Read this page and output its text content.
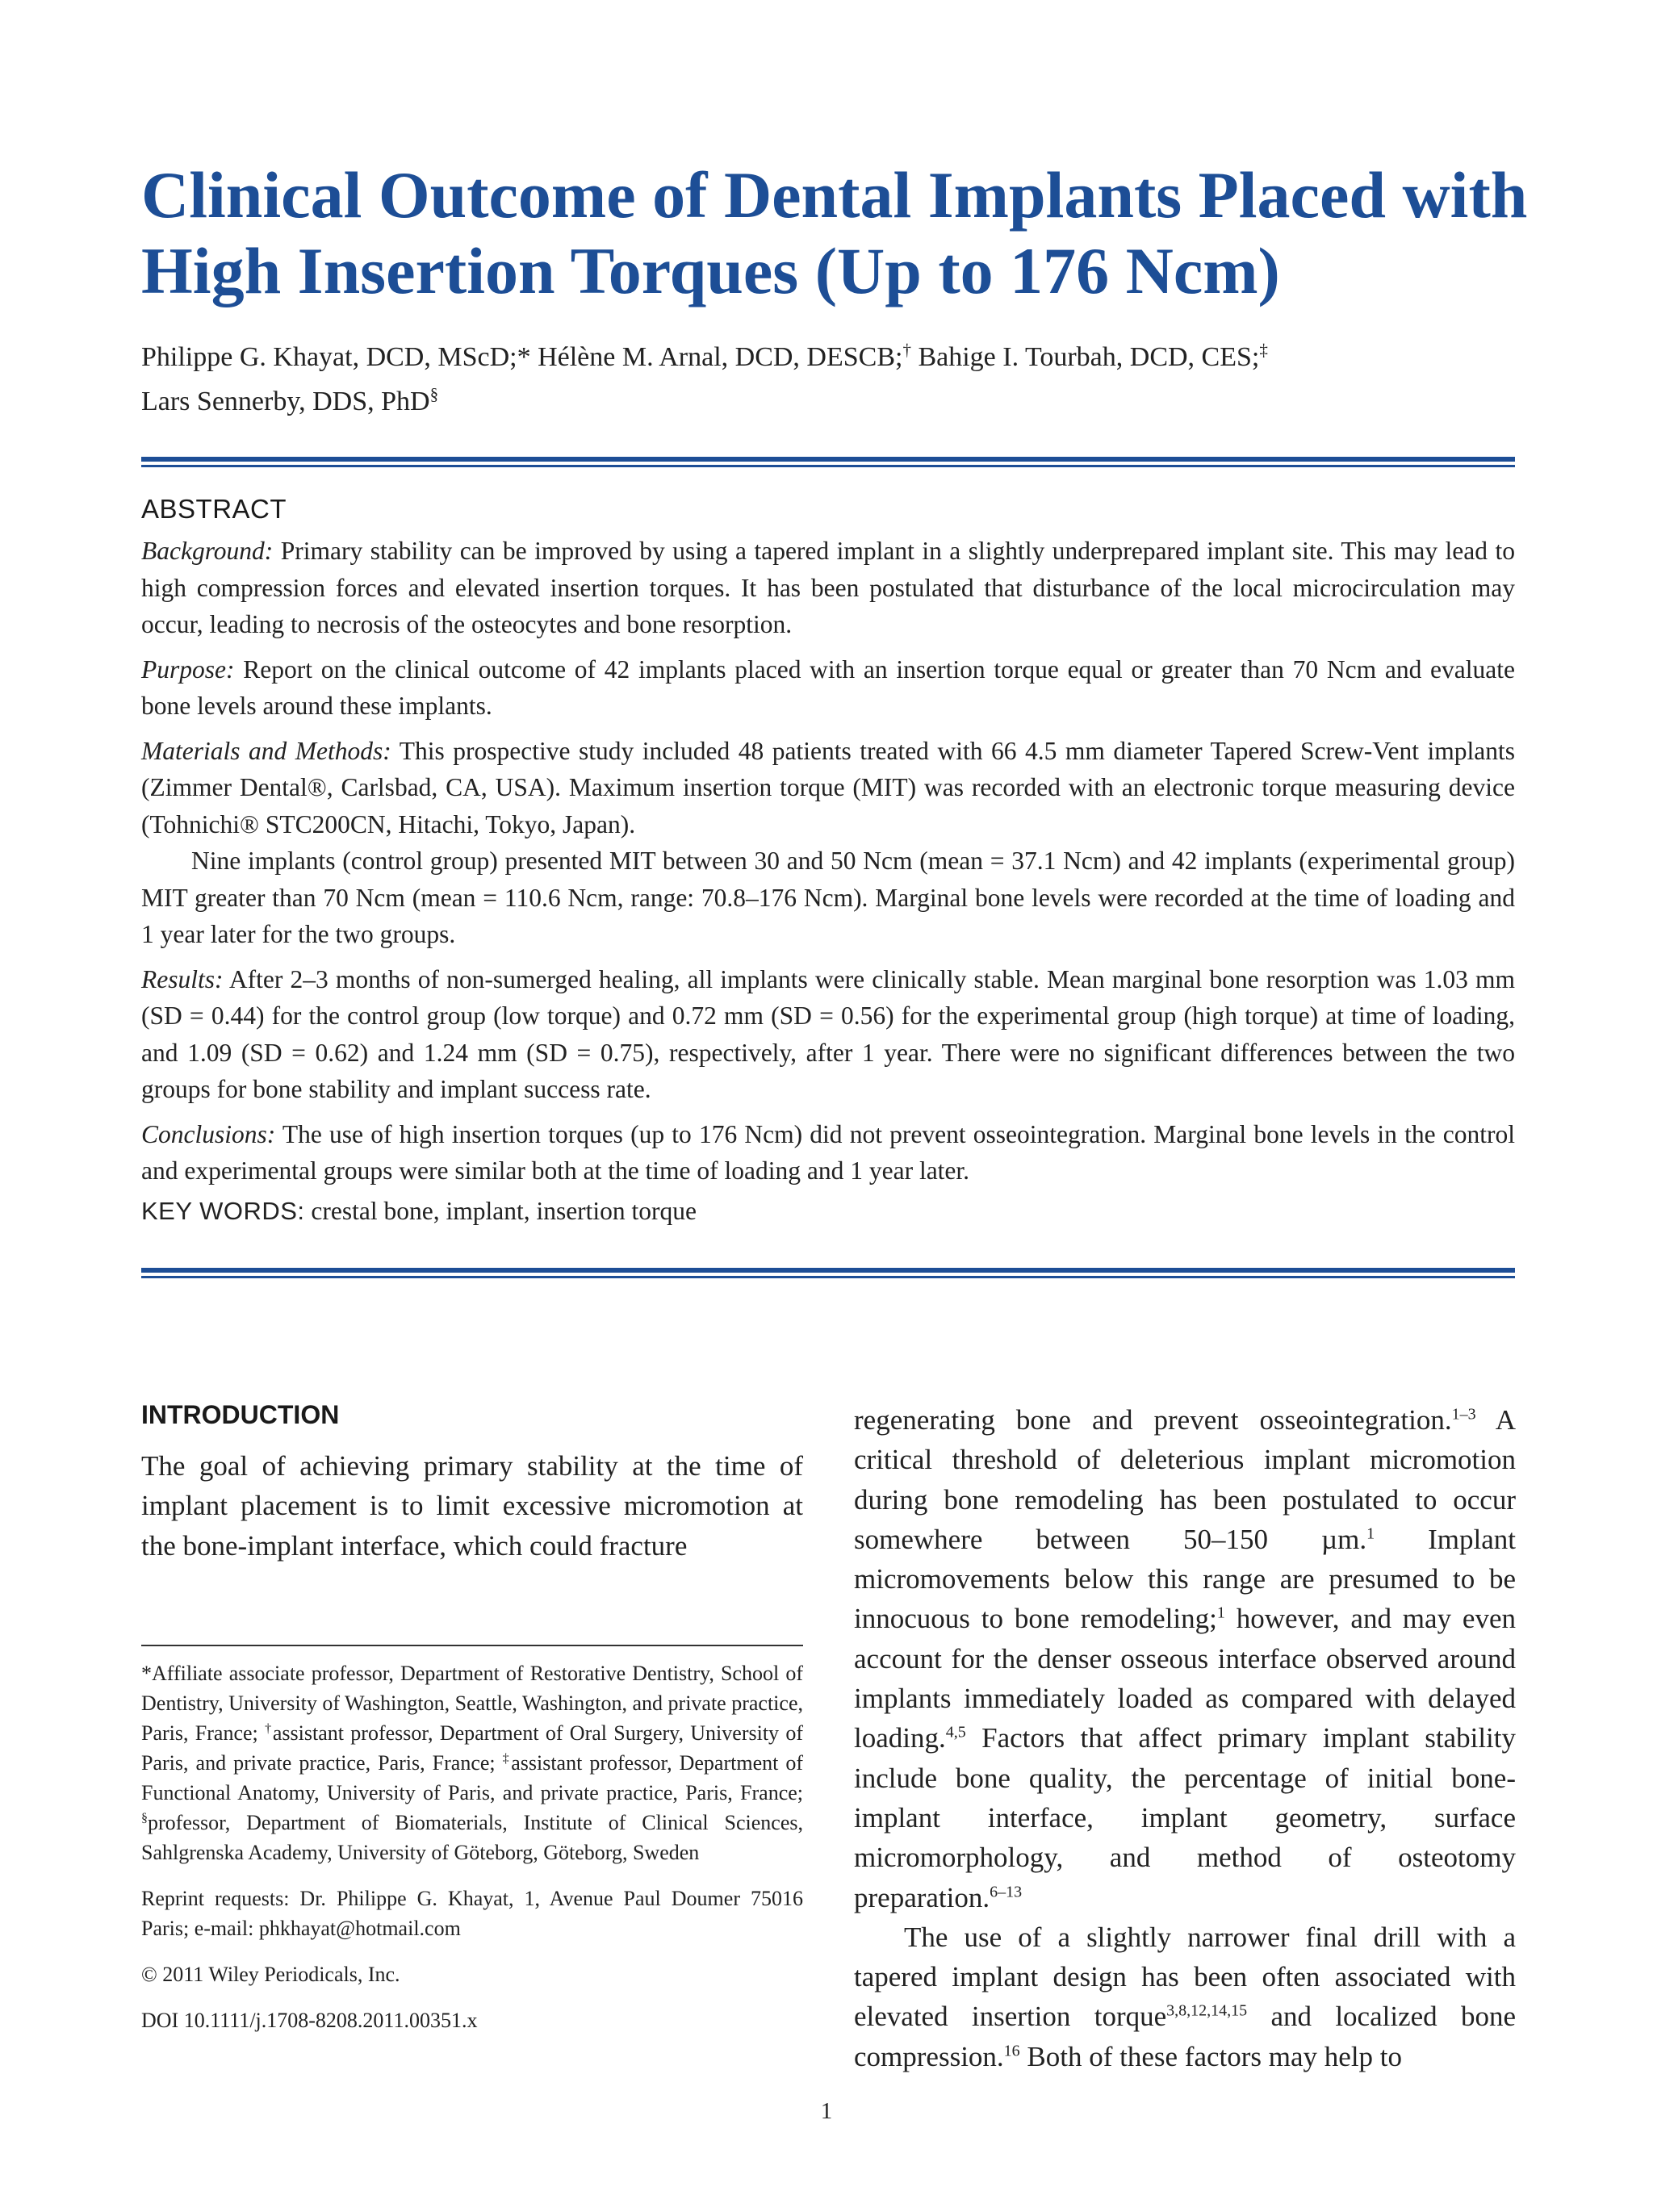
Clinical Outcome of Dental Implants Placed with High Insertion Torques (Up to 176 Ncm)
Philippe G. Khayat, DCD, MScD;* Hélène M. Arnal, DCD, DESCB;† Bahige I. Tourbah, DCD, CES;‡
Lars Sennerby, DDS, PhD§
ABSTRACT

Background: Primary stability can be improved by using a tapered implant in a slightly underprepared implant site. This may lead to high compression forces and elevated insertion torques. It has been postulated that disturbance of the local microcirculation may occur, leading to necrosis of the osteocytes and bone resorption.

Purpose: Report on the clinical outcome of 42 implants placed with an insertion torque equal or greater than 70 Ncm and evaluate bone levels around these implants.

Materials and Methods: This prospective study included 48 patients treated with 66 4.5 mm diameter Tapered Screw-Vent implants (Zimmer Dental®, Carlsbad, CA, USA). Maximum insertion torque (MIT) was recorded with an electronic torque measuring device (Tohnichi® STC200CN, Hitachi, Tokyo, Japan).

Nine implants (control group) presented MIT between 30 and 50 Ncm (mean = 37.1 Ncm) and 42 implants (experimental group) MIT greater than 70 Ncm (mean = 110.6 Ncm, range: 70.8–176 Ncm). Marginal bone levels were recorded at the time of loading and 1 year later for the two groups.

Results: After 2–3 months of non-sumerged healing, all implants were clinically stable. Mean marginal bone resorption was 1.03 mm (SD = 0.44) for the control group (low torque) and 0.72 mm (SD = 0.56) for the experimental group (high torque) at time of loading, and 1.09 (SD = 0.62) and 1.24 mm (SD = 0.75), respectively, after 1 year. There were no significant differences between the two groups for bone stability and implant success rate.

Conclusions: The use of high insertion torques (up to 176 Ncm) did not prevent osseointegration. Marginal bone levels in the control and experimental groups were similar both at the time of loading and 1 year later.

KEY WORDS: crestal bone, implant, insertion torque

INTRODUCTION

The goal of achieving primary stability at the time of implant placement is to limit excessive micromotion at the bone-implant interface, which could fracture

*Affiliate associate professor, Department of Restorative Dentistry, School of Dentistry, University of Washington, Seattle, Washington, and private practice, Paris, France; †assistant professor, Department of Oral Surgery, University of Paris, and private practice, Paris, France; ‡assistant professor, Department of Functional Anatomy, University of Paris, and private practice, Paris, France; §professor, Department of Biomaterials, Institute of Clinical Sciences, Sahlgrenska Academy, University of Göteborg, Göteborg, Sweden

Reprint requests: Dr. Philippe G. Khayat, 1, Avenue Paul Doumer 75016 Paris; e-mail: phkhayat@hotmail.com

© 2011 Wiley Periodicals, Inc.

DOI 10.1111/j.1708-8208.2011.00351.x

regenerating bone and prevent osseointegration.$^{1-3}$ A critical threshold of deleterious implant micromotion during bone remodeling has been postulated to occur somewhere between 50–150 µm.$^1$ Implant micromovements below this range are presumed to be innocuous to bone remodeling;$^1$ however, and may even account for the denser osseous interface observed around implants immediately loaded as compared with delayed loading.$^{4,5}$ Factors that affect primary implant stability include bone quality, the percentage of initial bone-implant interface, implant geometry, surface micromorphology, and method of osteotomy preparation.$^{6-13}$

The use of a slightly narrower final drill with a tapered implant design has been often associated with elevated insertion torque$^{3,8,12,14,15}$ and localized bone compression.$^{16}$ Both of these factors may help to

1
